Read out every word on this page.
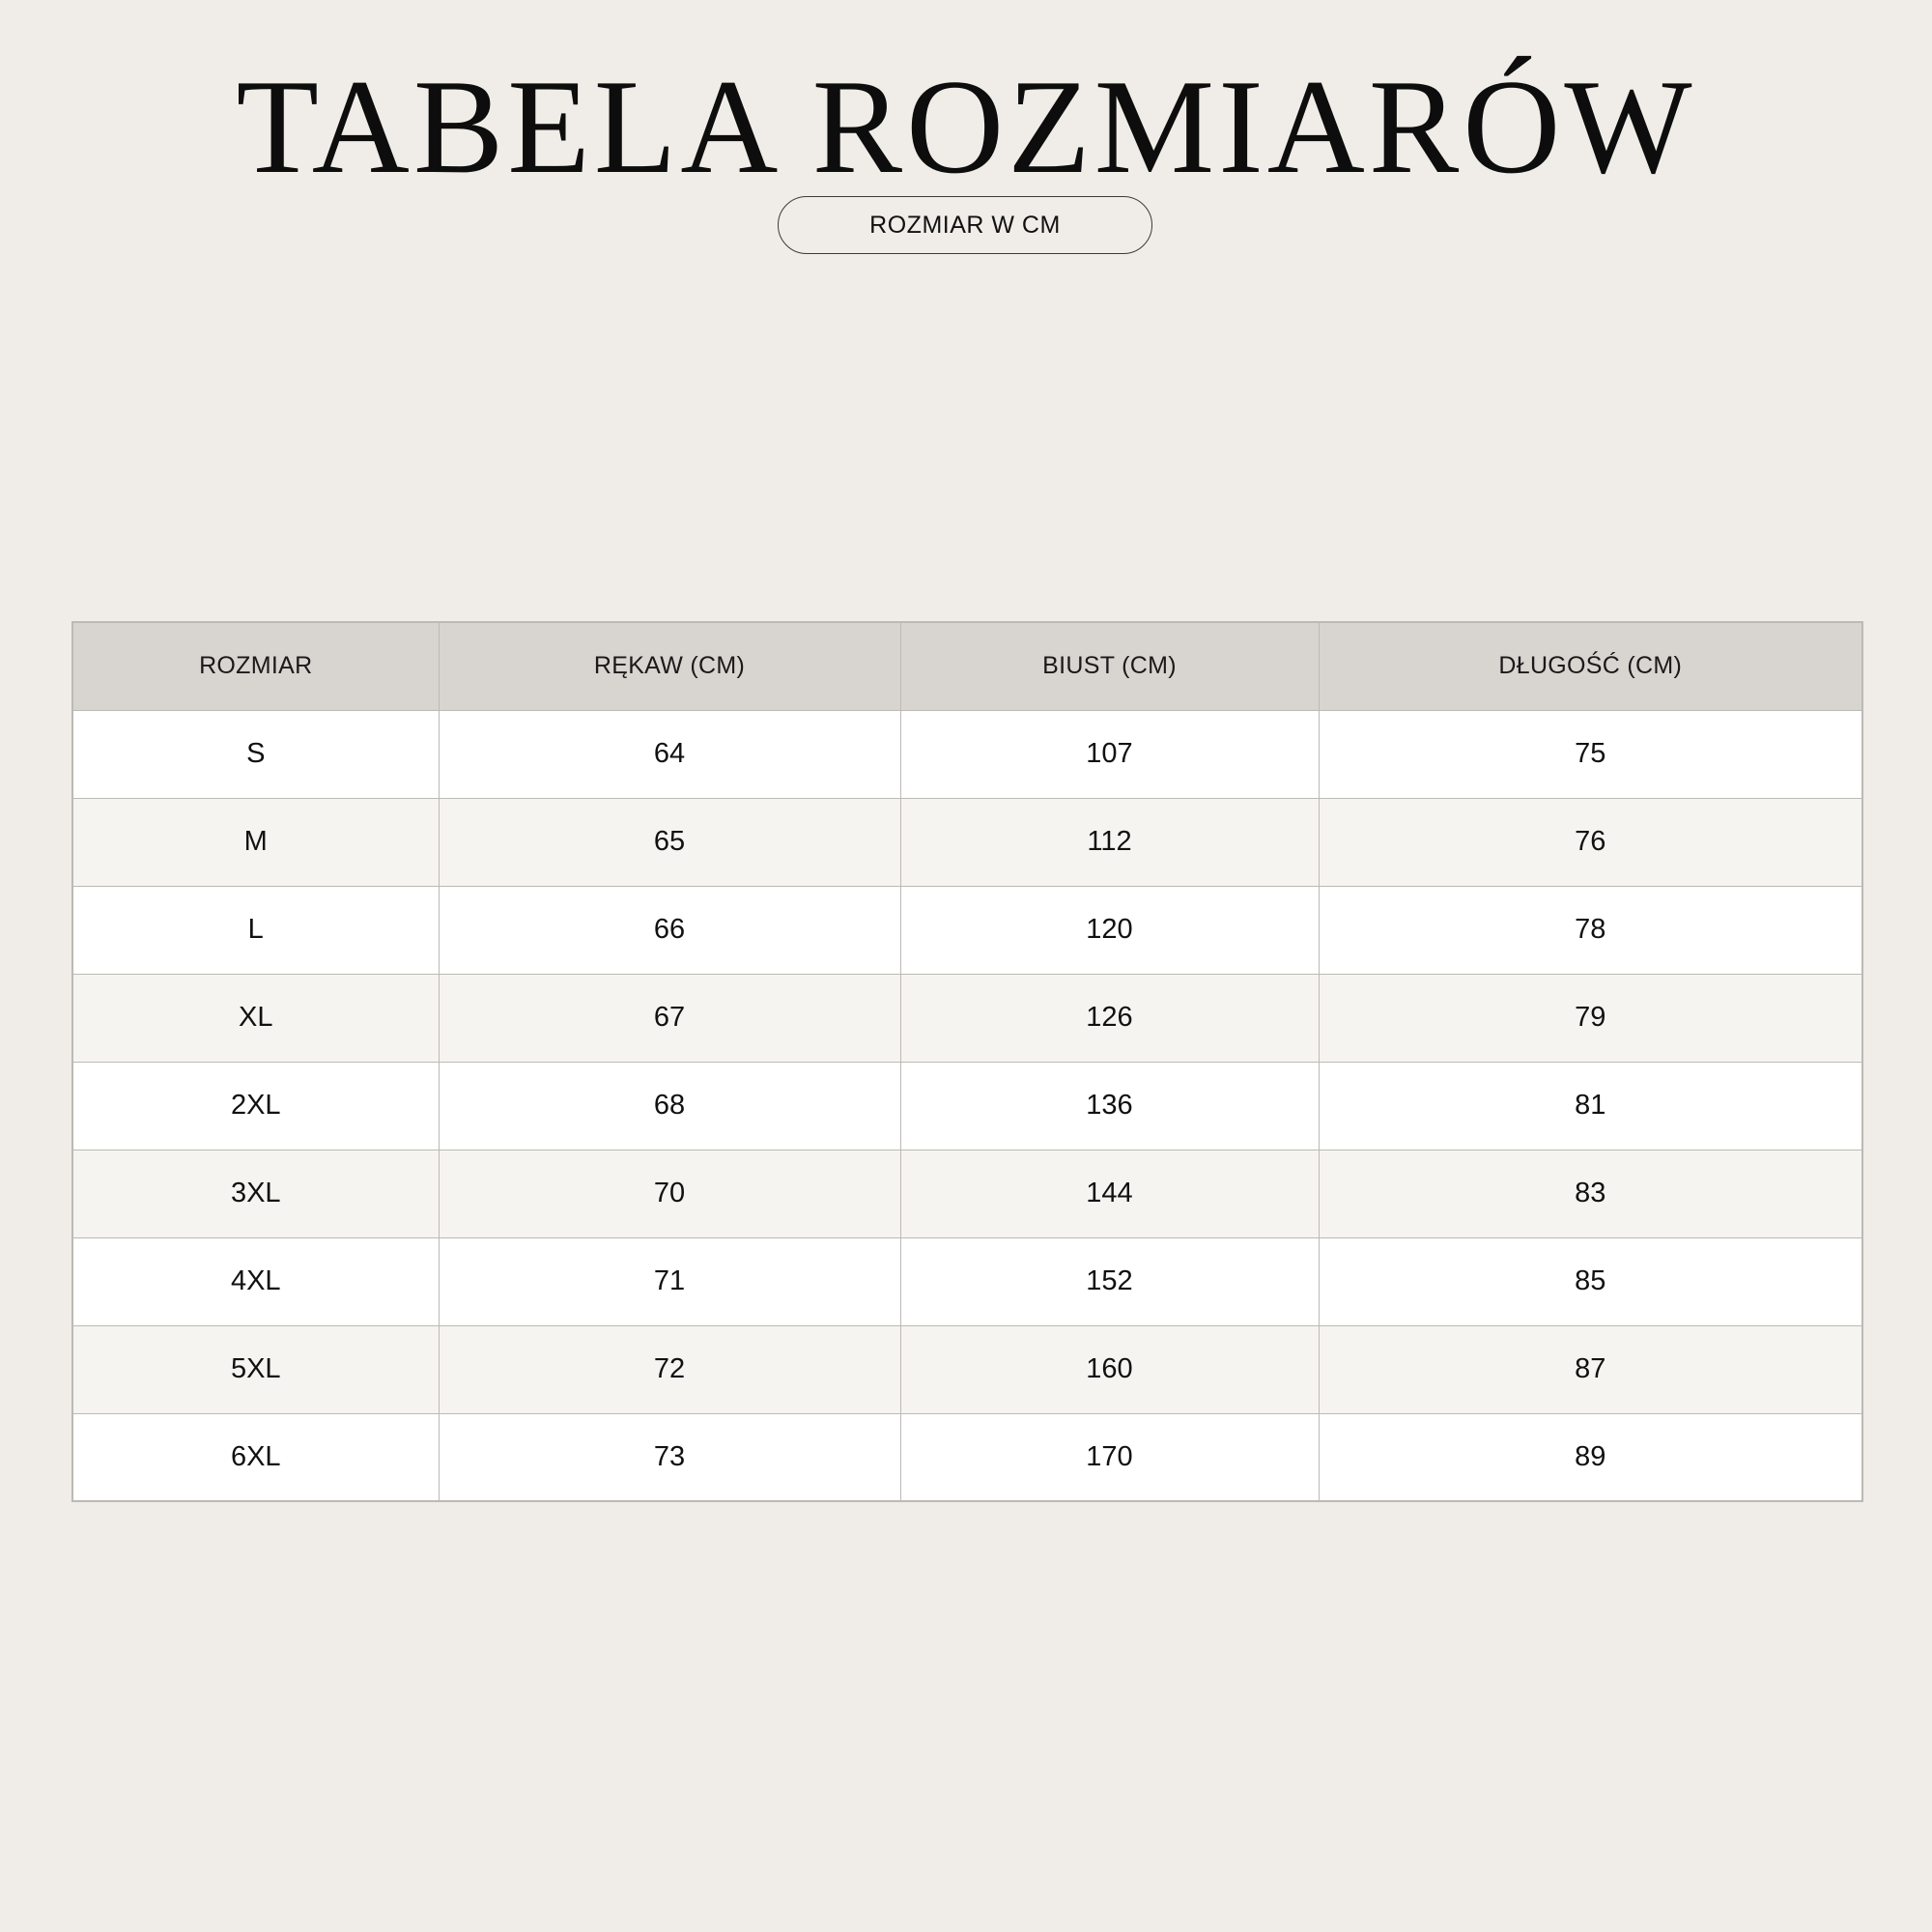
TABELA ROZMIARÓW
ROZMIAR W CM
ROZMIAR	RĘKAW (CM)	BIUST (CM)	DŁUGOŚĆ (CM)
S	64	107	75
M	65	112	76
L	66	120	78
XL	67	126	79
2XL	68	136	81
3XL	70	144	83
4XL	71	152	85
5XL	72	160	87
6XL	73	170	89
